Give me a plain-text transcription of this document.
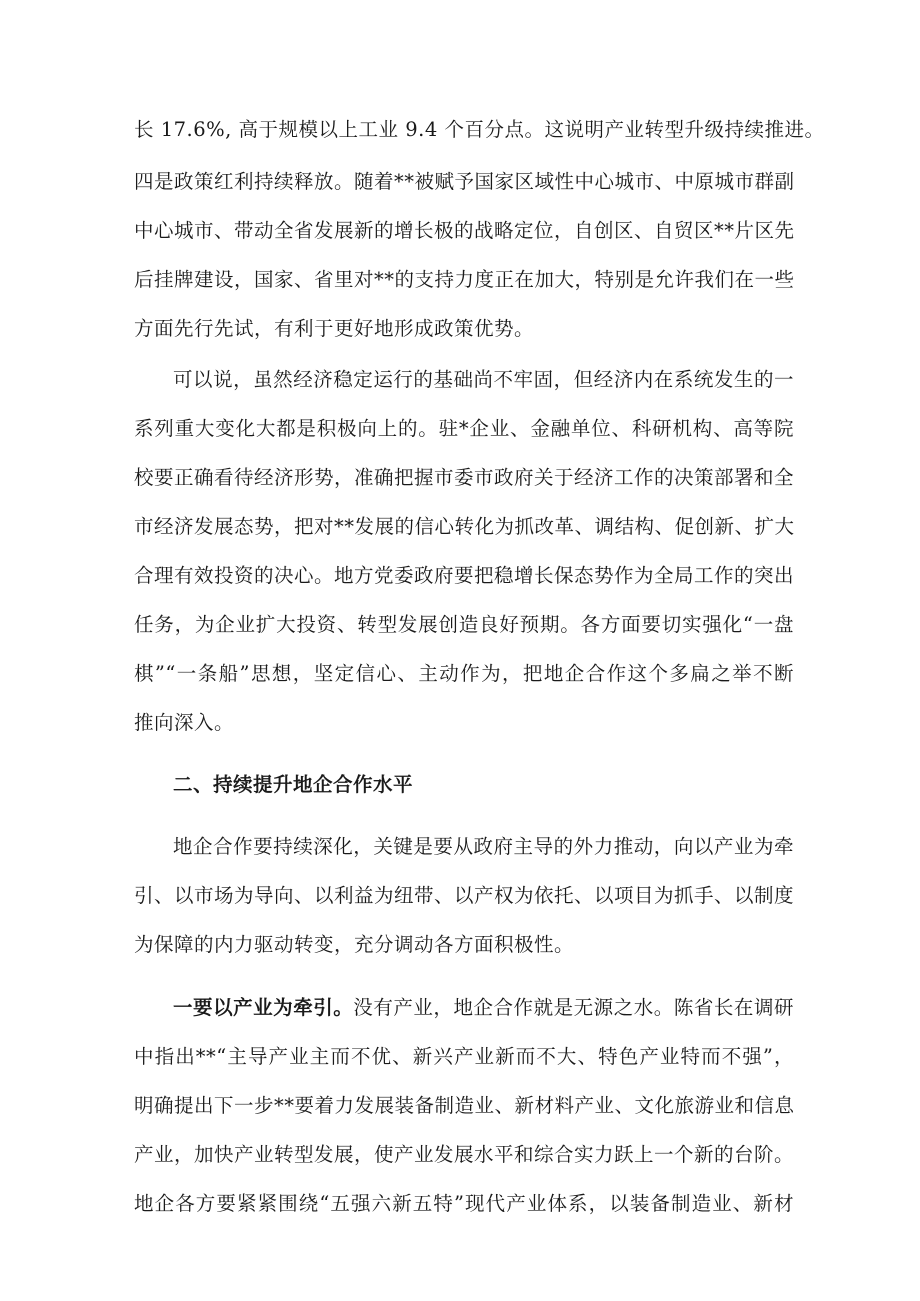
长 17.6%, 高于规模以上工业 9.4 个百分点。这说明产业转型升级持续推进。
四是政策红利持续释放。随着**被赋予国家区域性中心城市、中原城市群副
中心城市、带动全省发展新的增长极的战略定位，自创区、自贸区**片区先
后挂牌建设，国家、省里对**的支持力度正在加大，特别是允许我们在一些
方面先行先试，有利于更好地形成政策优势。
可以说，虽然经济稳定运行的基础尚不牢固，但经济内在系统发生的一
系列重大变化大都是积极向上的。驻*企业、金融单位、科研机构、高等院
校要正确看待经济形势，准确把握市委市政府关于经济工作的决策部署和全
市经济发展态势，把对**发展的信心转化为抓改革、调结构、促创新、扩大
合理有效投资的决心。地方党委政府要把稳增长保态势作为全局工作的突出
任务，为企业扩大投资、转型发展创造良好预期。各方面要切实强化“一盘
棋”“一条船”思想，坚定信心、主动作为，把地企合作这个多扁之举不断
推向深入。
二、持续提升地企合作水平
地企合作要持续深化，关键是要从政府主导的外力推动，向以产业为牵
引、以市场为导向、以利益为纽带、以产权为依托、以项目为抓手、以制度
为保障的内力驱动转变，充分调动各方面积极性。
一要以产业为牵引。没有产业，地企合作就是无源之水。陈省长在调研
中指出**“主导产业主而不优、新兴产业新而不大、特色产业特而不强”，
明确提出下一步**要着力发展装备制造业、新材料产业、文化旅游业和信息
产业，加快产业转型发展，使产业发展水平和综合实力跃上一个新的台阶。
地企各方要紧紧围绕“五强六新五特”现代产业体系，以装备制造业、新材
